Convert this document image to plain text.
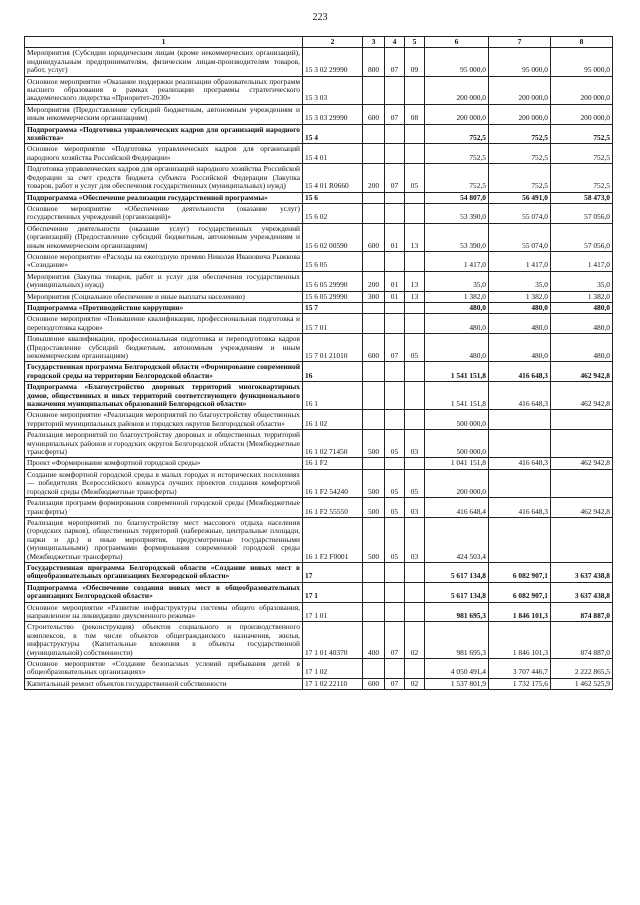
223
1	2	3	4	5	6	7	8
Мероприятия (Субсидии юридическим лицам (кроме некоммерческих организаций), индивидуальным предпринимателям, физическим лицам-производителям товаров, работ, услуг)	15 3 02 29990	800	07	09	95 000,0	95 000,0	95 000,0
Основное мероприятие «Оказание поддержки реализации образовательных программ высшего образования в рамках реализации программы стратегического академического лидерства «Приоритет-2030»	15 3 03				200 000,0	200 000,0	200 000,0
Мероприятия (Предоставление субсидий бюджетным, автономным учреждениям и иным некоммерческим организациям)	15 3 03 29990	600	07	08	200 000,0	200 000,0	200 000,0
Подпрограмма «Подготовка управленческих кадров для организаций народного хозяйства»	15 4				752,5	752,5	752,5
Основное мероприятие «Подготовка управленческих кадров для организаций народного хозяйства Российской Федерации»	15 4 01				752,5	752,5	752,5
Подготовка управленческих кадров для организаций народного хозяйства Российской Федерации за счет средств бюджета субъекта Российской Федерации (Закупка товаров, работ и услуг для обеспечения государственных (муниципальных) нужд)	15 4 01 R0660	200	07	05	752,5	752,5	752,5
Подпрограмма «Обеспечение реализации государственной программы»	15 6				54 807,0	56 491,0	58 473,0
Основное мероприятие «Обеспечение деятельности (оказание услуг) государственных учреждений (организаций)»	15 6 02				53 390,0	55 074,0	57 056,0
Обеспечение деятельности (оказание услуг) государственных учреждений (организаций) (Предоставление субсидий бюджетным, автономным учреждениям и иным некоммерческим организациям)	15 6 02 00590	600	01	13	53 390,0	55 074,0	57 056,0
Основное мероприятие «Расходы на ежегодную премию Николая Ивановича Рыжкова «Созидание»	15 6 05				1 417,0	1 417,0	1 417,0
Мероприятия (Закупка товаров, работ и услуг для обеспечения государственных (муниципальных) нужд)	15 6 05 29990	200	01	13	35,0	35,0	35,0
Мероприятия (Социальное обеспечение и иные выплаты населению)	15 6 05 29990	300	01	13	1 382,0	1 382,0	1 382,0
Подпрограмма «Противодействие коррупции»	15 7				480,0	480,0	480,0
Основное мероприятие «Повышение квалификации, профессиональная подготовка и переподготовка кадров»	15 7 01				480,0	480,0	480,0
Повышение квалификации, профессиональная подготовка и переподготовка кадров (Предоставление субсидий бюджетным, автономным учреждениям и иным некоммерческим организациям)	15 7 01 21010	600	07	05	480,0	480,0	480,0
Государственная программа Белгородской области «Формирование современной городской среды на территории Белгородской области»	16				1 541 151,8	416 648,3	462 942,8
Подпрограмма «Благоустройство дворовых территорий многоквартирных домов, общественных и иных территорий соответствующего функционального назначения муниципальных образований Белгородской области»	16 1				1 541 151,8	416 648,3	462 942,8
Основное мероприятие «Реализация мероприятий по благоустройству общественных территорий муниципальных районов и городских округов Белгородской области»	16 1 02				500 000,0		
Реализация мероприятий по благоустройству дворовых и общественных территорий муниципальных районов и городских округов Белгородской области (Межбюджетные трансферты)	16 1 02 71450	500	05	03	500 000,0		
Проект «Формирование комфортной городской среды»	16 1 F2				1 041 151,8	416 648,3	462 942,8
Создание комфортной городской среды в малых городах и исторических поселениях — победителях Всероссийского конкурса лучших проектов создания комфортной городской среды (Межбюджетные трансферты)	16 1 F2 54240	500	05	05	200 000,0		
Реализация программ формирования современной городской среды (Межбюджетные трансферты)	16 1 F2 55550	500	05	03	416 648,4	416 648,3	462 942,8
Реализация мероприятий по благоустройству мест массового отдыха населения (городских парков), общественных территорий (набережные, центральные площади, парки и др.) и иные мероприятия, предусмотренные государственными (муниципальными) программами формирования современной городской среды (Межбюджетные трансферты)	16 1 F2 F0001	500	05	03	424 503,4		
Государственная программа Белгородской области «Создание новых мест в общеобразовательных организациях Белгородской области»	17				5 617 134,8	6 082 907,1	3 637 438,8
Подпрограмма «Обеспечение создания новых мест в общеобразовательных организациях Белгородской области»	17 1				5 617 134,8	6 082 907,1	3 637 438,8
Основное мероприятие «Развитие инфраструктуры системы общего образования, направленное на ликвидацию двухсменного режима»	17 1 01				981 695,3	1 846 101,3	874 887,0
Строительство (реконструкция) объектов социального и производственного комплексов, в том числе объектов общегражданского назначения, жилья, инфраструктуры (Капитальные вложения в объекты государственной (муниципальной) собственности)	17 1 01 40370	400	07	02	981 695,3	1 846 101,3	874 887,0
Основное мероприятие «Создание безопасных условий пребывания детей в общеобразовательных организациях»	17 1 02				4 050 491,4	3 707 446,7	2 222 865,5
Капитальный ремонт объектов государственной собственности	17 1 02 22110	600	07	02	1 537 801,9	1 732 175,6	1 462 525,9
